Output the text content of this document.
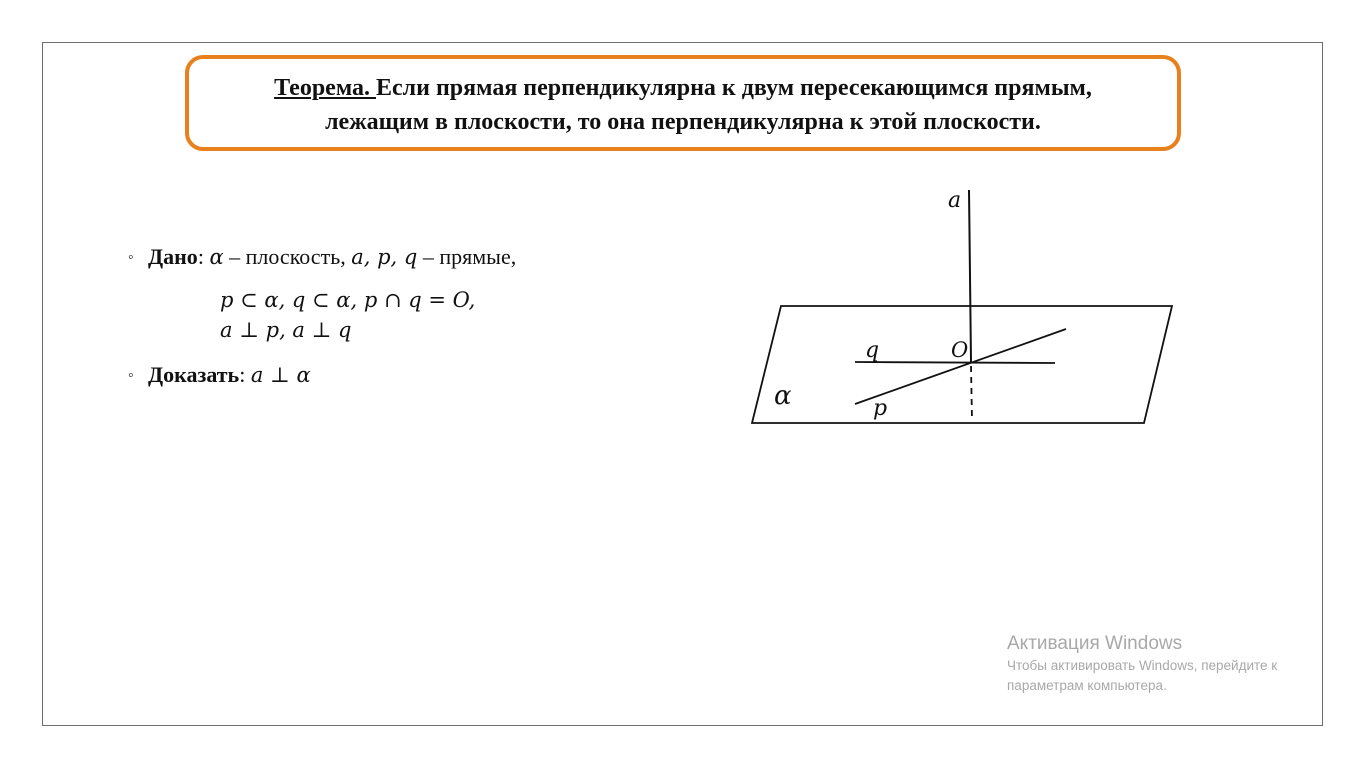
Теорема. Если прямая перпендикулярна к двум пересекающимся прямым,
лежащим в плоскости, то она перпендикулярна к этой плоскости.
◦ Дано: α – плоскость, a, p, q – прямые,
p ⊂ α, q ⊂ α, p ∩ q = O,
a ⊥ p, a ⊥ q
◦ Доказать: a ⊥ α
a
q	O
p
α
Активация Windows
Чтобы активировать Windows, перейдите к
параметрам компьютера.
